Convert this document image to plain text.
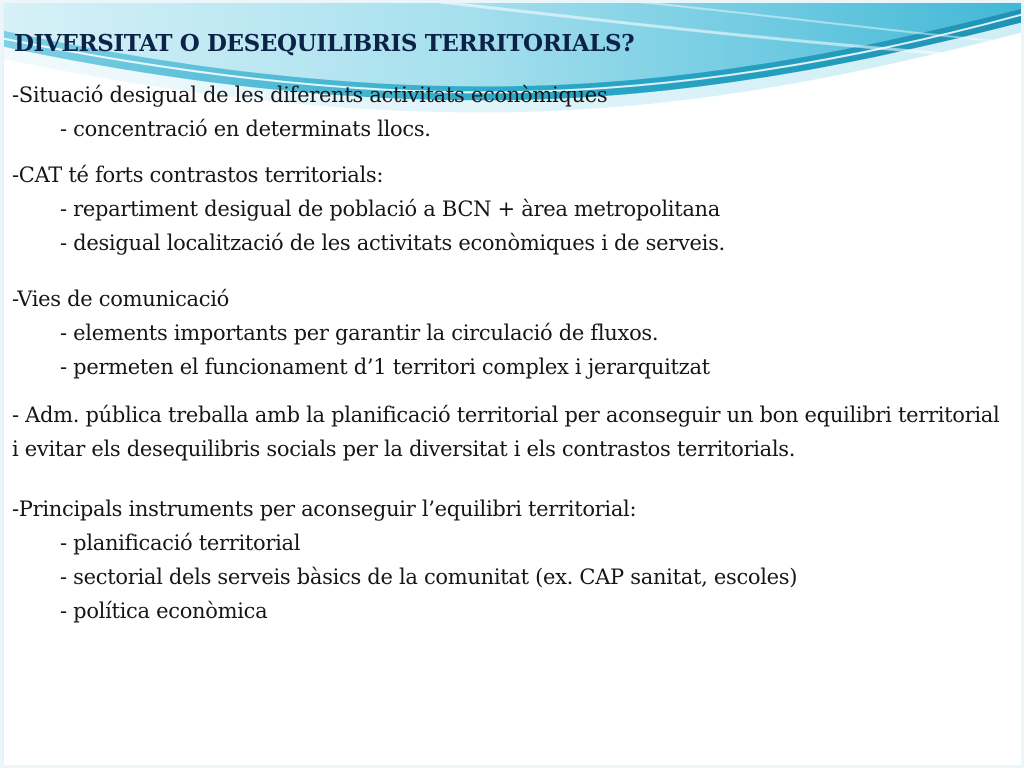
DIVERSITAT O DESEQUILIBRIS TERRITORIALS?
-Situació desigual de les diferents activitats econòmiques
- concentració en determinats llocs.
-CAT té forts contrastos territorials:
- repartiment desigual de població a BCN + àrea metropolitana
- desigual localització de les activitats econòmiques i de serveis.
-Vies de comunicació
- elements importants per garantir la circulació de fluxos.
- permeten el funcionament d’1 territori complex i jerarquitzat
- Adm. pública treballa amb la planificació territorial per aconseguir un bon equilibri territorial i evitar els desequilibris socials per la diversitat i els contrastos territorials.
-Principals instruments per aconseguir l’equilibri territorial:
- planificació territorial
- sectorial dels serveis bàsics de la comunitat (ex. CAP sanitat, escoles)
- política econòmica
